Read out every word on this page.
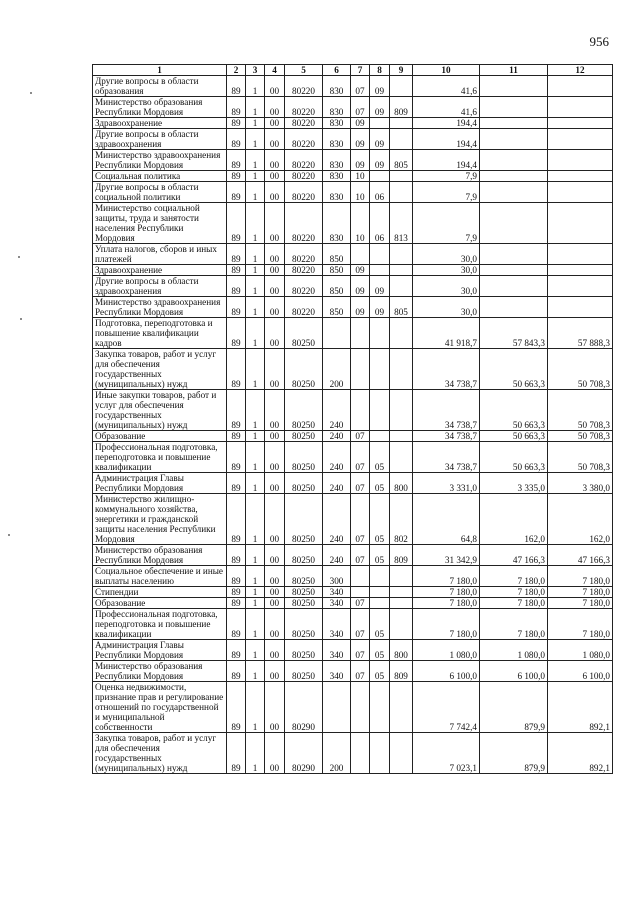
956
1	2	3	4	5	6	7	8	9	10	11	12
Другие вопросы в области образования	89	1	00	80220	830	07	09		41,6		
Министерство образования Республики Мордовия	89	1	00	80220	830	07	09	809	41,6		
Здравоохранение	89	1	00	80220	830	09			194,4		
Другие вопросы в области здравоохранения	89	1	00	80220	830	09	09		194,4		
Министерство здравоохранения Республики Мордовия	89	1	00	80220	830	09	09	805	194,4		
Социальная политика	89	1	00	80220	830	10			7,9		
Другие вопросы в области социальной политики	89	1	00	80220	830	10	06		7,9		
Министерство социальной защиты, труда и занятости населения Республики Мордовия	89	1	00	80220	830	10	06	813	7,9		
Уплата налогов, сборов и иных платежей	89	1	00	80220	850				30,0		
Здравоохранение	89	1	00	80220	850	09			30,0		
Другие вопросы в области здравоохранения	89	1	00	80220	850	09	09		30,0		
Министерство здравоохранения Республики Мордовия	89	1	00	80220	850	09	09	805	30,0		
Подготовка, переподготовка и повышение квалификации кадров	89	1	00	80250					41 918,7	57 843,3	57 888,3
Закупка товаров, работ и услуг для обеспечения государственных (муниципальных) нужд	89	1	00	80250	200				34 738,7	50 663,3	50 708,3
Иные закупки товаров, работ и услуг для обеспечения государственных (муниципальных) нужд	89	1	00	80250	240				34 738,7	50 663,3	50 708,3
Образование	89	1	00	80250	240	07			34 738,7	50 663,3	50 708,3
Профессиональная подготовка, переподготовка и повышение квалификации	89	1	00	80250	240	07	05		34 738,7	50 663,3	50 708,3
Администрация Главы Республики Мордовия	89	1	00	80250	240	07	05	800	3 331,0	3 335,0	3 380,0
Министерство жилищно-коммунального хозяйства, энергетики и гражданской защиты населения Республики Мордовия	89	1	00	80250	240	07	05	802	64,8	162,0	162,0
Министерство образования Республики Мордовия	89	1	00	80250	240	07	05	809	31 342,9	47 166,3	47 166,3
Социальное обеспечение и иные выплаты населению	89	1	00	80250	300				7 180,0	7 180,0	7 180,0
Стипендии	89	1	00	80250	340				7 180,0	7 180,0	7 180,0
Образование	89	1	00	80250	340	07			7 180,0	7 180,0	7 180,0
Профессиональная подготовка, переподготовка и повышение квалификации	89	1	00	80250	340	07	05		7 180,0	7 180,0	7 180,0
Администрация Главы Республики Мордовия	89	1	00	80250	340	07	05	800	1 080,0	1 080,0	1 080,0
Министерство образования Республики Мордовия	89	1	00	80250	340	07	05	809	6 100,0	6 100,0	6 100,0
Оценка недвижимости, признание прав и регулирование отношений по государственной и муниципальной собственности	89	1	00	80290					7 742,4	879,9	892,1
Закупка товаров, работ и услуг для обеспечения государственных (муниципальных) нужд	89	1	00	80290	200				7 023,1	879,9	892,1
